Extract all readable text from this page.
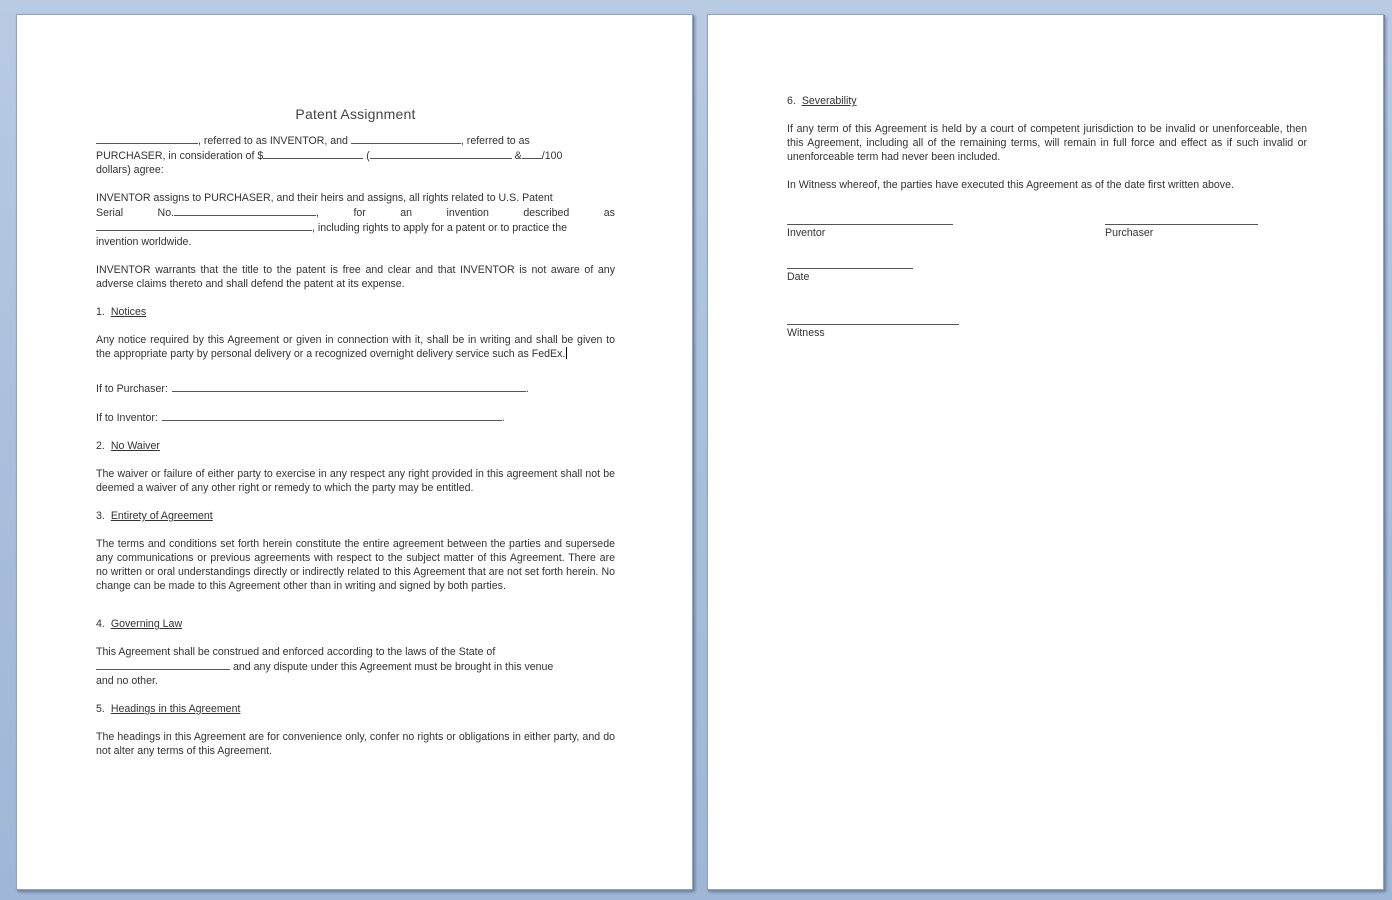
Patent Assignment

, referred to as INVENTOR, and	, referred to as
PURCHASER, in consideration of $	(	& /100
dollars) agree:

INVENTOR assigns to PURCHASER, and their heirs and assigns, all rights related to U.S. Patent

Serial	No.	,	for	an	invention	described	as
, including rights to apply for a patent or to practice the
invention worldwide.

INVENTOR warrants that the title to the patent is free and clear and that INVENTOR is not aware of any adverse claims thereto and shall defend the patent at its expense.

1. Notices

Any notice required by this Agreement or given in connection with it, shall be in writing and shall be given to the appropriate party by personal delivery or a recognized overnight delivery service such as FedEx.

If to Purchaser:	.
If to Inventor:	.
2. No Waiver

The waiver or failure of either party to exercise in any respect any right provided in this agreement shall not be deemed a waiver of any other right or remedy to which the party may be entitled.

3. Entirety of Agreement

The terms and conditions set forth herein constitute the entire agreement between the parties and supersede any communications or previous agreements with respect to the subject matter of this Agreement. There are no written or oral understandings directly or indirectly related to this Agreement that are not set forth herein. No change can be made to this Agreement other than in writing and signed by both parties.

4. Governing Law

This Agreement shall be construed and enforced according to the laws of the State of
and any dispute under this Agreement must be brought in this venue
and no other.

5. Headings in this Agreement

The headings in this Agreement are for convenience only, confer no rights or obligations in either party, and do not alter any terms of this Agreement.

6. Severability

If any term of this Agreement is held by a court of competent jurisdiction to be invalid or unenforceable, then this Agreement, including all of the remaining terms, will remain in full force and effect as if such invalid or unenforceable term had never been included.

In Witness whereof, the parties have executed this Agreement as of the date first written above.

Inventor	Purchaser
Date
Witness
